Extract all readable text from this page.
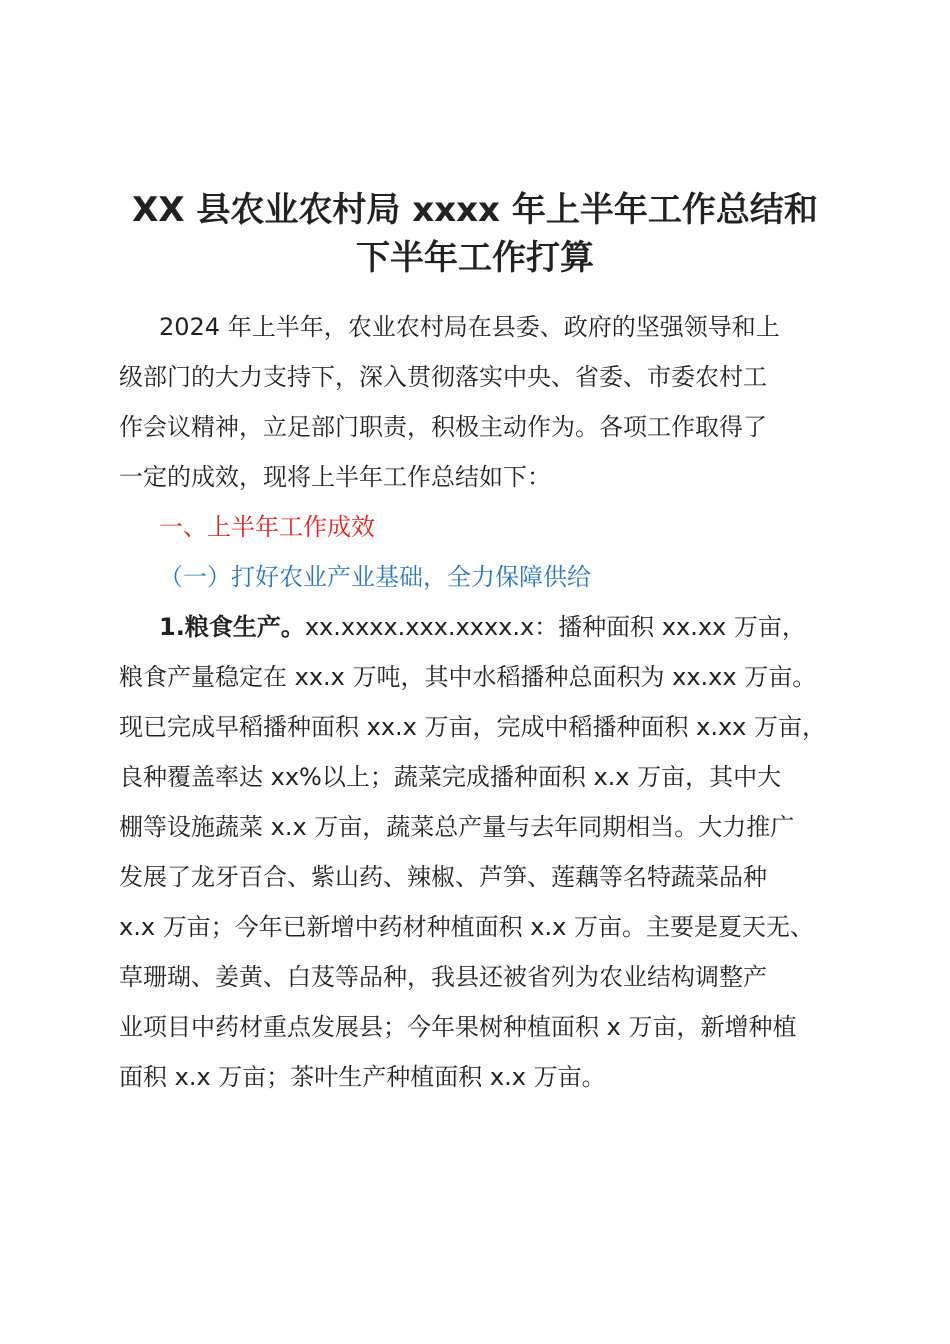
XX 县农业农村局 xxxx 年上半年工作总结和
下半年工作打算
2024 年上半年，农业农村局在县委、政府的坚强领导和上
级部门的大力支持下，深入贯彻落实中央、省委、市委农村工
作会议精神，立足部门职责，积极主动作为。各项工作取得了
一定的成效，现将上半年工作总结如下：
一、上半年工作成效
（一）打好农业产业基础，全力保障供给
1.粮食生产。xx.xxxx.xxx.xxxx.x：播种面积 xx.xx 万亩，
粮食产量稳定在 xx.x 万吨，其中水稻播种总面积为 xx.xx 万亩。
现已完成早稻播种面积 xx.x 万亩，完成中稻播种面积 x.xx 万亩，
良种覆盖率达 xx%以上；蔬菜完成播种面积 x.x 万亩，其中大
棚等设施蔬菜 x.x 万亩，蔬菜总产量与去年同期相当。大力推广
发展了龙牙百合、紫山药、辣椒、芦笋、莲藕等名特蔬菜品种
x.x 万亩；今年已新增中药材种植面积 x.x 万亩。主要是夏天无、
草珊瑚、姜黄、白芨等品种，我县还被省列为农业结构调整产
业项目中药材重点发展县；今年果树种植面积 x 万亩，新增种植
面积 x.x 万亩；茶叶生产种植面积 x.x 万亩。
